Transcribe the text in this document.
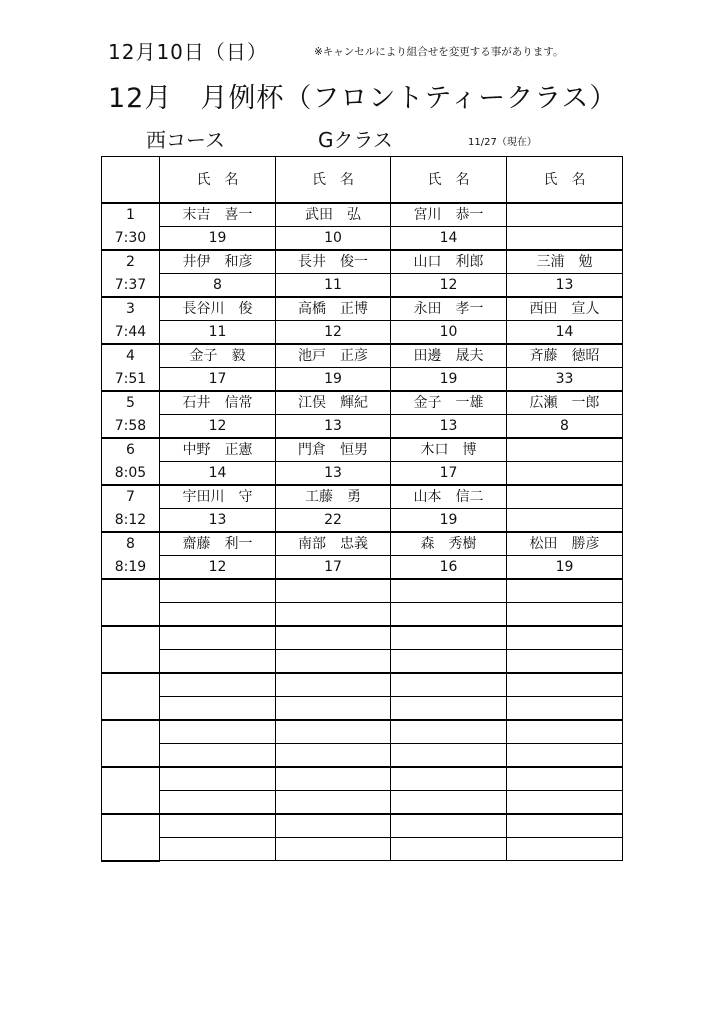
12月10日（日）	※キャンセルにより組合せを変更する事があります。
12月　月例杯（フロントティークラス）
西コース	Gクラス	11/27（現在）
	氏　名	氏　名	氏　名	氏　名
1	末吉　喜一	武田　弘	宮川　恭一	
7:30	19	10	14	
2	井伊　和彦	長井　俊一	山口　利郎	三浦　勉
7:37	8	11	12	13
3	長谷川　俊	高橋　正博	永田　孝一	西田　宣人
7:44	11	12	10	14
4	金子　毅	池戸　正彦	田邊　晟夫	斉藤　徳昭
7:51	17	19	19	33
5	石井　信常	江俣　輝紀	金子　一雄	広瀬　一郎
7:58	12	13	13	8
6	中野　正憲	門倉　恒男	木口　博	
8:05	14	13	17	
7	宇田川　守	工藤　勇	山本　信二	
8:12	13	22	19	
8	齋藤　利一	南部　忠義	森　秀樹	松田　勝彦
8:19	12	17	16	19
